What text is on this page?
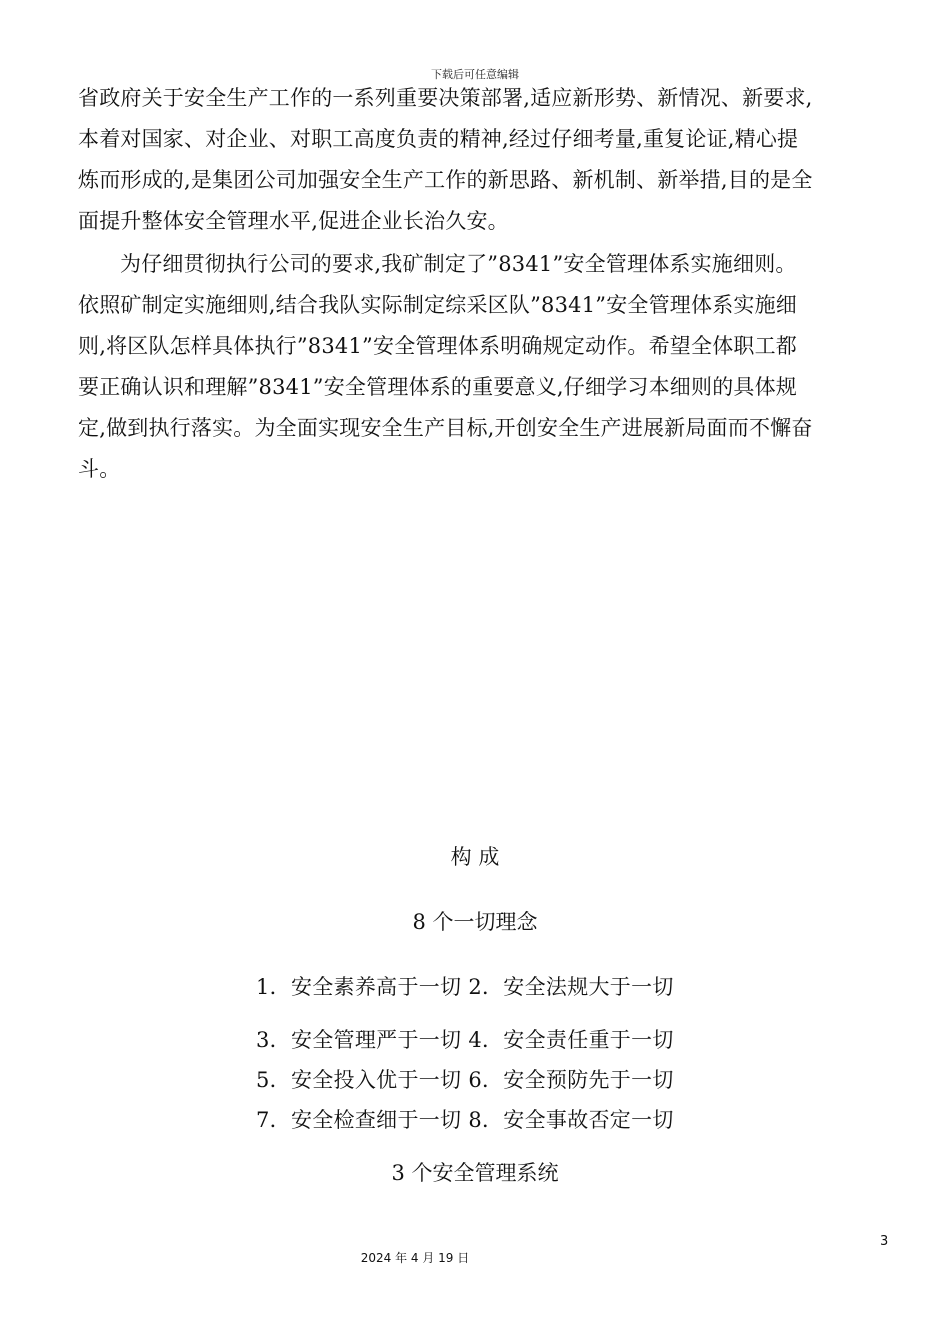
下载后可任意编辑
省政府关于安全生产工作的一系列重要决策部署,适应新形势、新情况、新要求,
本着对国家、对企业、对职工高度负责的精神,经过仔细考量,重复论证,精心提
炼而形成的,是集团公司加强安全生产工作的新思路、新机制、新举措,目的是全
面提升整体安全管理水平,促进企业长治久安。
为仔细贯彻执行公司的要求,我矿制定了”8341”安全管理体系实施细则。
依照矿制定实施细则,结合我队实际制定综采区队”8341”安全管理体系实施细
则,将区队怎样具体执行”8341”安全管理体系明确规定动作。希望全体职工都
要正确认识和理解”8341”安全管理体系的重要意义,仔细学习本细则的具体规
定,做到执行落实。为全面实现安全生产目标,开创安全生产进展新局面而不懈奋
斗。
构 成
8 个一切理念
1．安全素养高于一切 2．安全法规大于一切
3．安全管理严于一切 4．安全责任重于一切
5．安全投入优于一切 6．安全预防先于一切
7．安全检查细于一切 8．安全事故否定一切
3 个安全管理系统
3
2024 年 4 月 19 日
